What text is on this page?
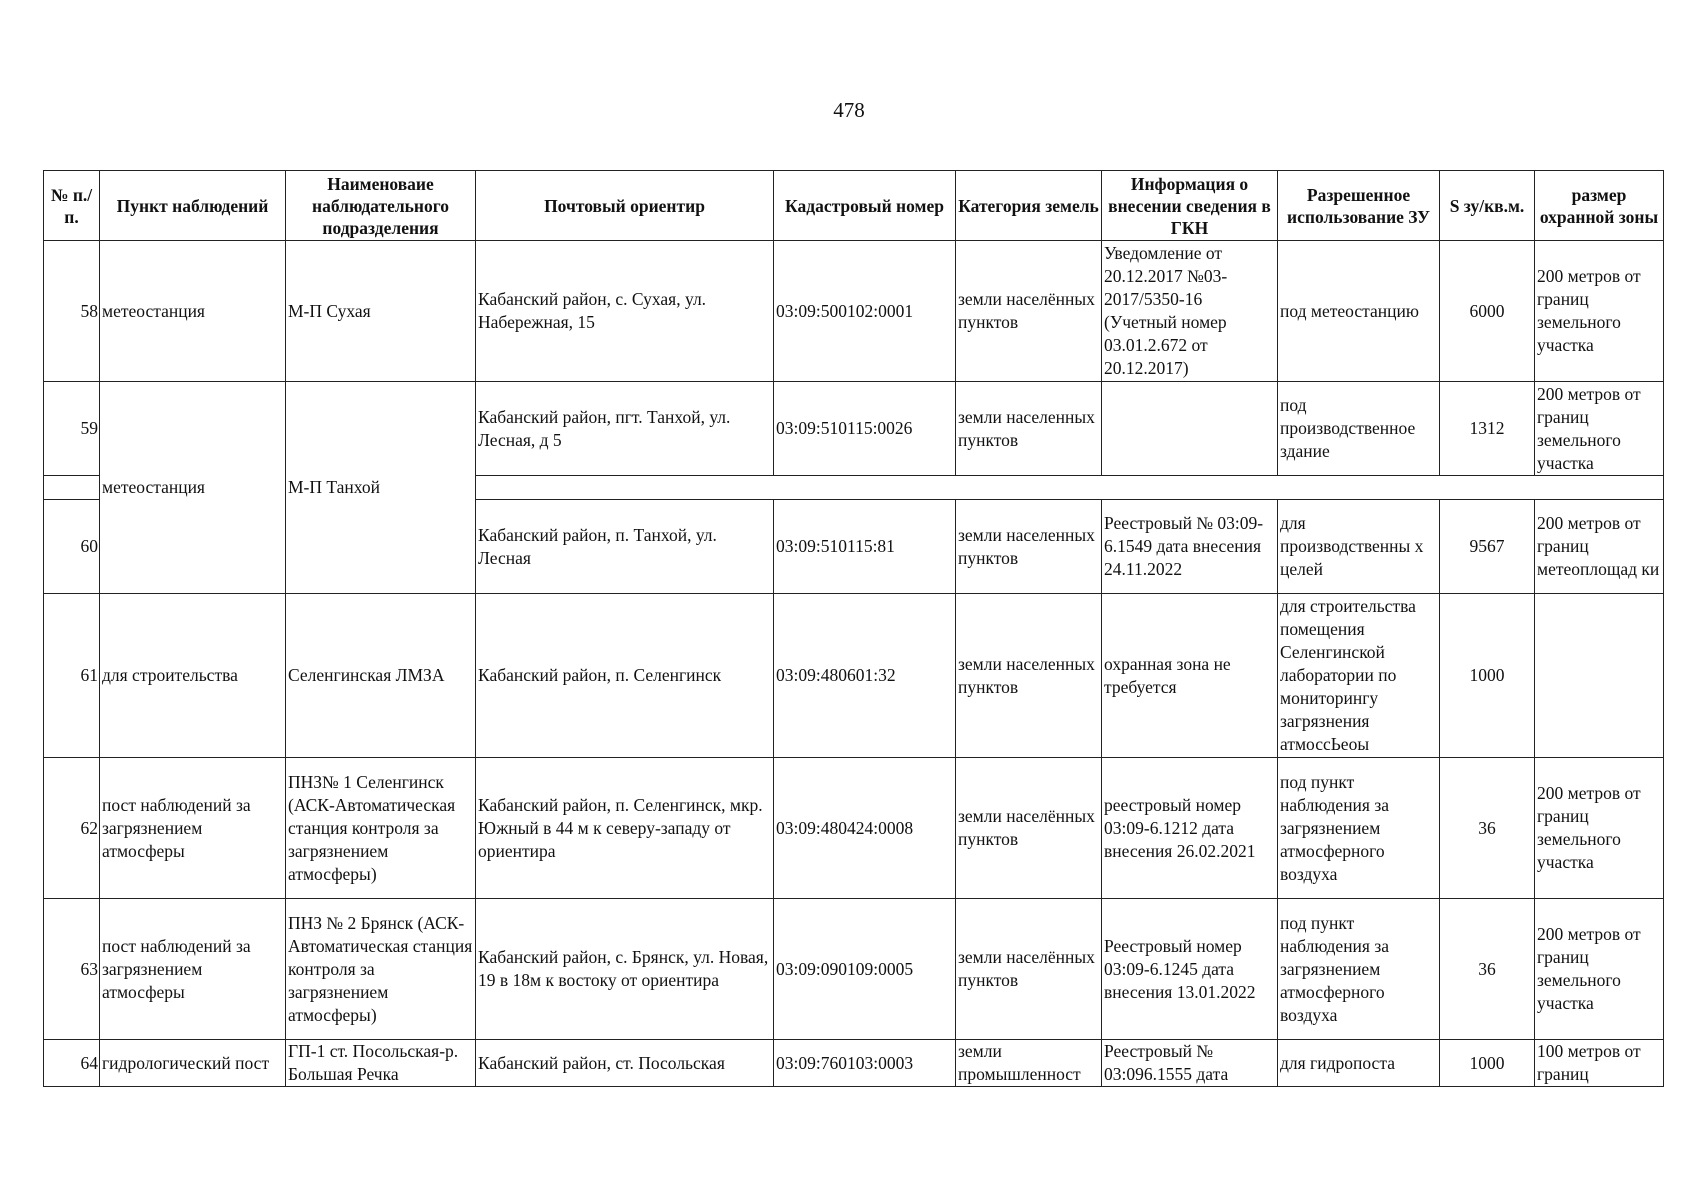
478
№ п./п.	Пункт наблюдений	Наименоваие наблюдательного подразделения	Почтовый ориентир	Кадастровый номер	Категория земель	Информация о внесении сведения в ГКН	Разрешенное использование ЗУ	S зу/кв.м.	размер охранной зоны
58	метеостанция	М-П Сухая	Кабанский район, с. Сухая, ул. Набережная, 15	03:09:500102:0001	земли населённых пунктов	Уведомление от 20.12.2017 №03-2017/5350-16 (Учетный номер 03.01.2.672 от 20.12.2017)	под метеостанцию	6000	200 метров от границ земельного участка
59	метеостанция	М-П Танхой	Кабанский район, пгт. Танхой, ул. Лесная, д 5	03:09:510115:0026	земли населенных пунктов		под производственное здание	1312	200 метров от границ земельного участка

60			Кабанский район, п. Танхой, ул. Лесная	03:09:510115:81	земли населенных пунктов	Реестровый № 03:09-6.1549 дата внесения 24.11.2022	для производственны х целей	9567	200 метров от границ метеоплощад ки
61	для строительства	Селенгинская ЛМЗА	Кабанский район, п. Селенгинск	03:09:480601:32	земли населенных пунктов	охранная зона не требуется	для строительства помещения Селенгинской лаборатории по мониторингу загрязнения атмоссЬеоы	1000	
62	пост наблюдений за загрязнением атмосферы	ПНЗ№ 1 Селенгинск (АСК-Автоматическая станция контроля за загрязнением атмосферы)	Кабанский район, п. Селенгинск, мкр. Южный в 44 м к северу-западу от ориентира	03:09:480424:0008	земли населённых пунктов	реестровый номер 03:09-6.1212 дата внесения 26.02.2021	под пункт наблюдения за загрязнением атмосферного воздуха	36	200 метров от границ земельного участка
63	пост наблюдений за загрязнением атмосферы	ПНЗ № 2 Брянск (АСК-Автоматическая станция контроля за загрязнением атмосферы)	Кабанский район, с. Брянск, ул. Новая, 19 в 18м к востоку от ориентира	03:09:090109:0005	земли населённых пунктов	Реестровый номер 03:09-6.1245 дата внесения 13.01.2022	под пункт наблюдения за загрязнением атмосферного воздуха	36	200 метров от границ земельного участка
64	гидрологический пост	ГП-1 ст. Посольская-р. Большая Речка	Кабанский район, ст. Посольская	03:09:760103:0003	земли промышленност	Реестровый № 03:096.1555 дата	для гидропоста	1000	100 метров от границ
